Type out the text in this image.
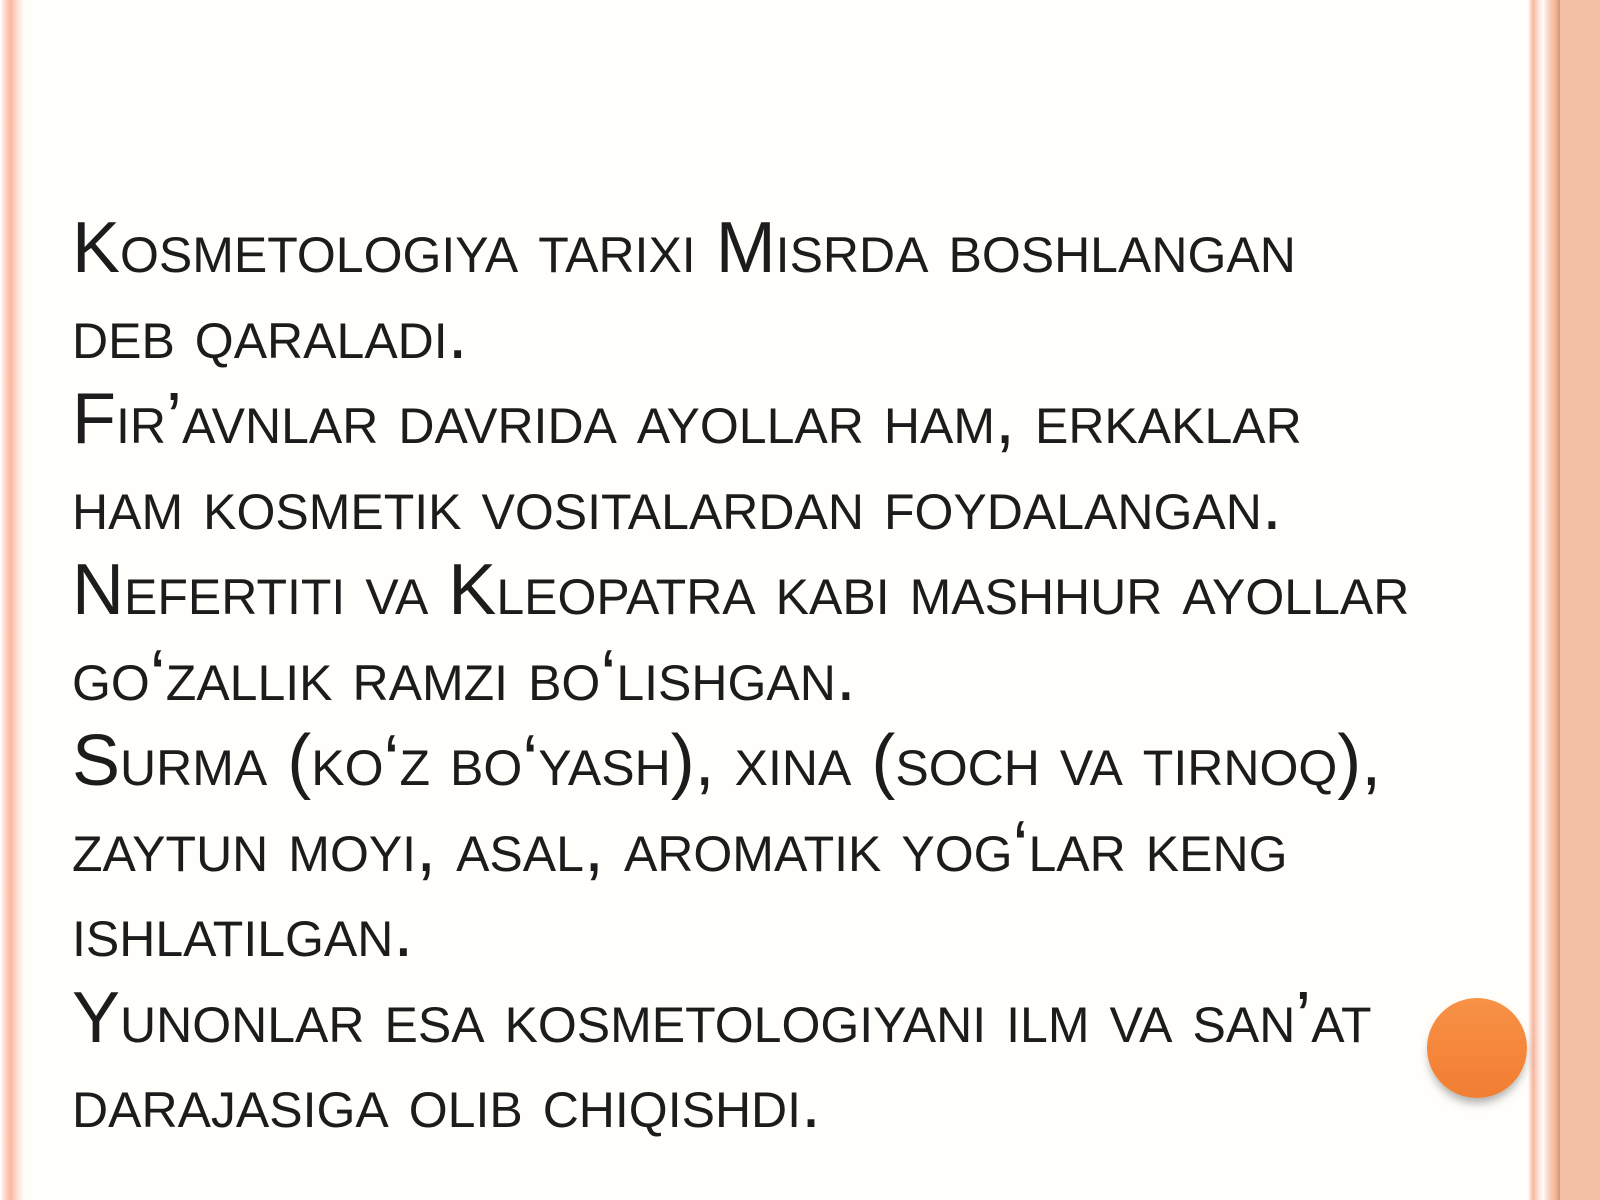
Kosmetologiya tarixi Misrda boshlangan
deb qaraladi.
Fir’avnlar davrida ayollar ham, erkaklar
ham kosmetik vositalardan foydalangan.
Nefertiti va Kleopatra kabi mashhur ayollar
go‘zallik ramzi bo‘lishgan.
Surma (ko‘z bo‘yash), xina (soch va tirnoq),
zaytun moyi, asal, aromatik yog‘lar keng
ishlatilgan.
Yunonlar esa kosmetologiyani ilm va san’at
darajasiga olib chiqishdi.
